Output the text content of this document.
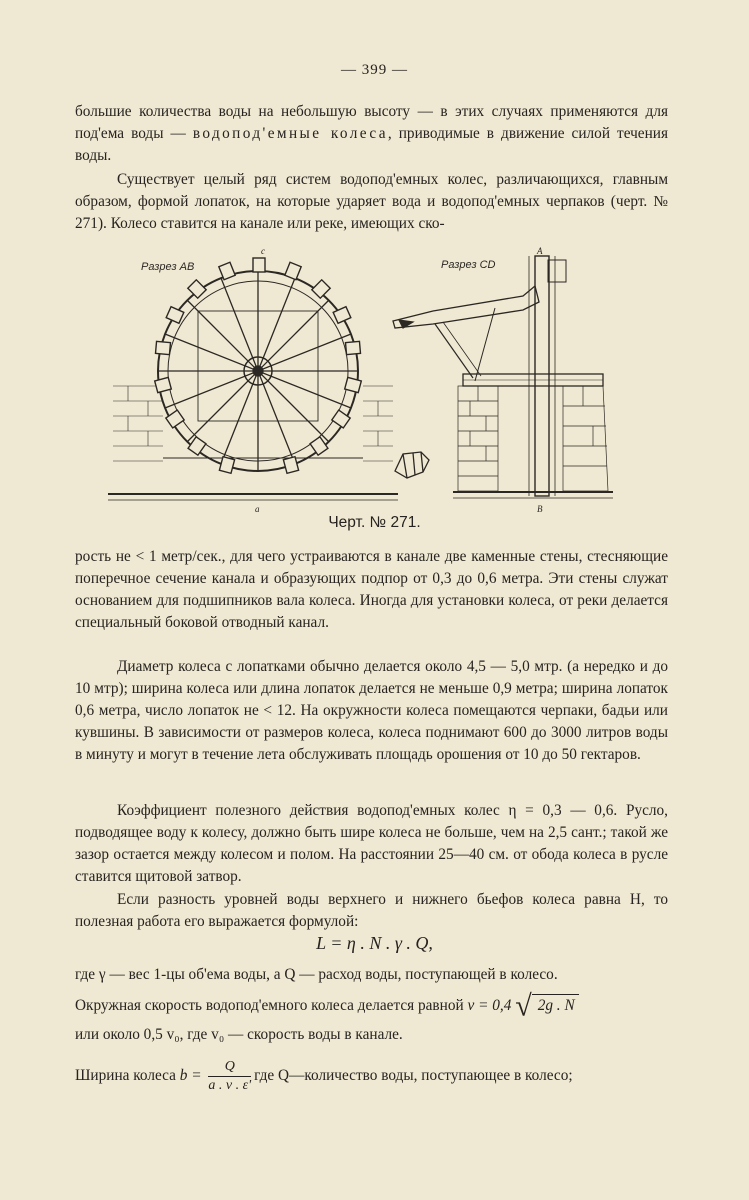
— 399 —

большие количества воды на небольшую высоту — в этих случаях применяются для под'ема воды — водопод'емные колеса, приводимые в движение силой течения воды.

Существует целый ряд систем водопод'емных колес, различающихся, главным образом, формой лопаток, на которые ударяет вода и водопод'емных черпаков (черт. № 271). Колесо ставится на канале или реке, имеющих ско-

Разрез AB
c
a
Разрез CD
A
B
Черт. № 271.

рость не < 1 метр/сек., для чего устраиваются в канале две каменные стены, стесняющие поперечное сечение канала и образующих подпор от 0,3 до 0,6 метра. Эти стены служат основанием для подшипников вала колеса. Иногда для установки колеса, от реки делается специальный боковой отводный канал.

Диаметр колеса с лопатками обычно делается около 4,5 — 5,0 мтр. (а нередко и до 10 мтр); ширина колеса или длина лопаток делается не меньше 0,9 метра; ширина лопаток 0,6 метра, число лопаток не < 12. На окружности колеса помещаются черпаки, бадьи или кувшины. В зависимости от размеров колеса, колеса поднимают 600 до 3000 литров воды в минуту и могут в течение лета обслуживать площадь орошения от 10 до 50 гектаров.

Коэффициент полезного действия водопод'емных колес η = 0,3 — 0,6. Русло, подводящее воду к колесу, должно быть шире колеса не больше, чем на 2,5 сант.; такой же зазор остается между колесом и полом. На расстоянии 25—40 см. от обода колеса в русле ставится щитовой затвор.

Если разность уровней воды верхнего и нижнего бьефов колеса равна H, то полезная работа его выражается формулой:

L = η . N . γ . Q,
где γ — вес 1-цы об'ема воды, а Q — расход воды, поступающей в колесо.
Окружная скорость водопод'емного колеса делается равной v = 0,4 √ 2g . N
или около 0,5 v₀, где v₀ — скорость воды в канале.
Ширина колеса $b = \frac{Q}{a . v . \varepsilon'}$ где Q—количество воды, поступающее в колесо;
